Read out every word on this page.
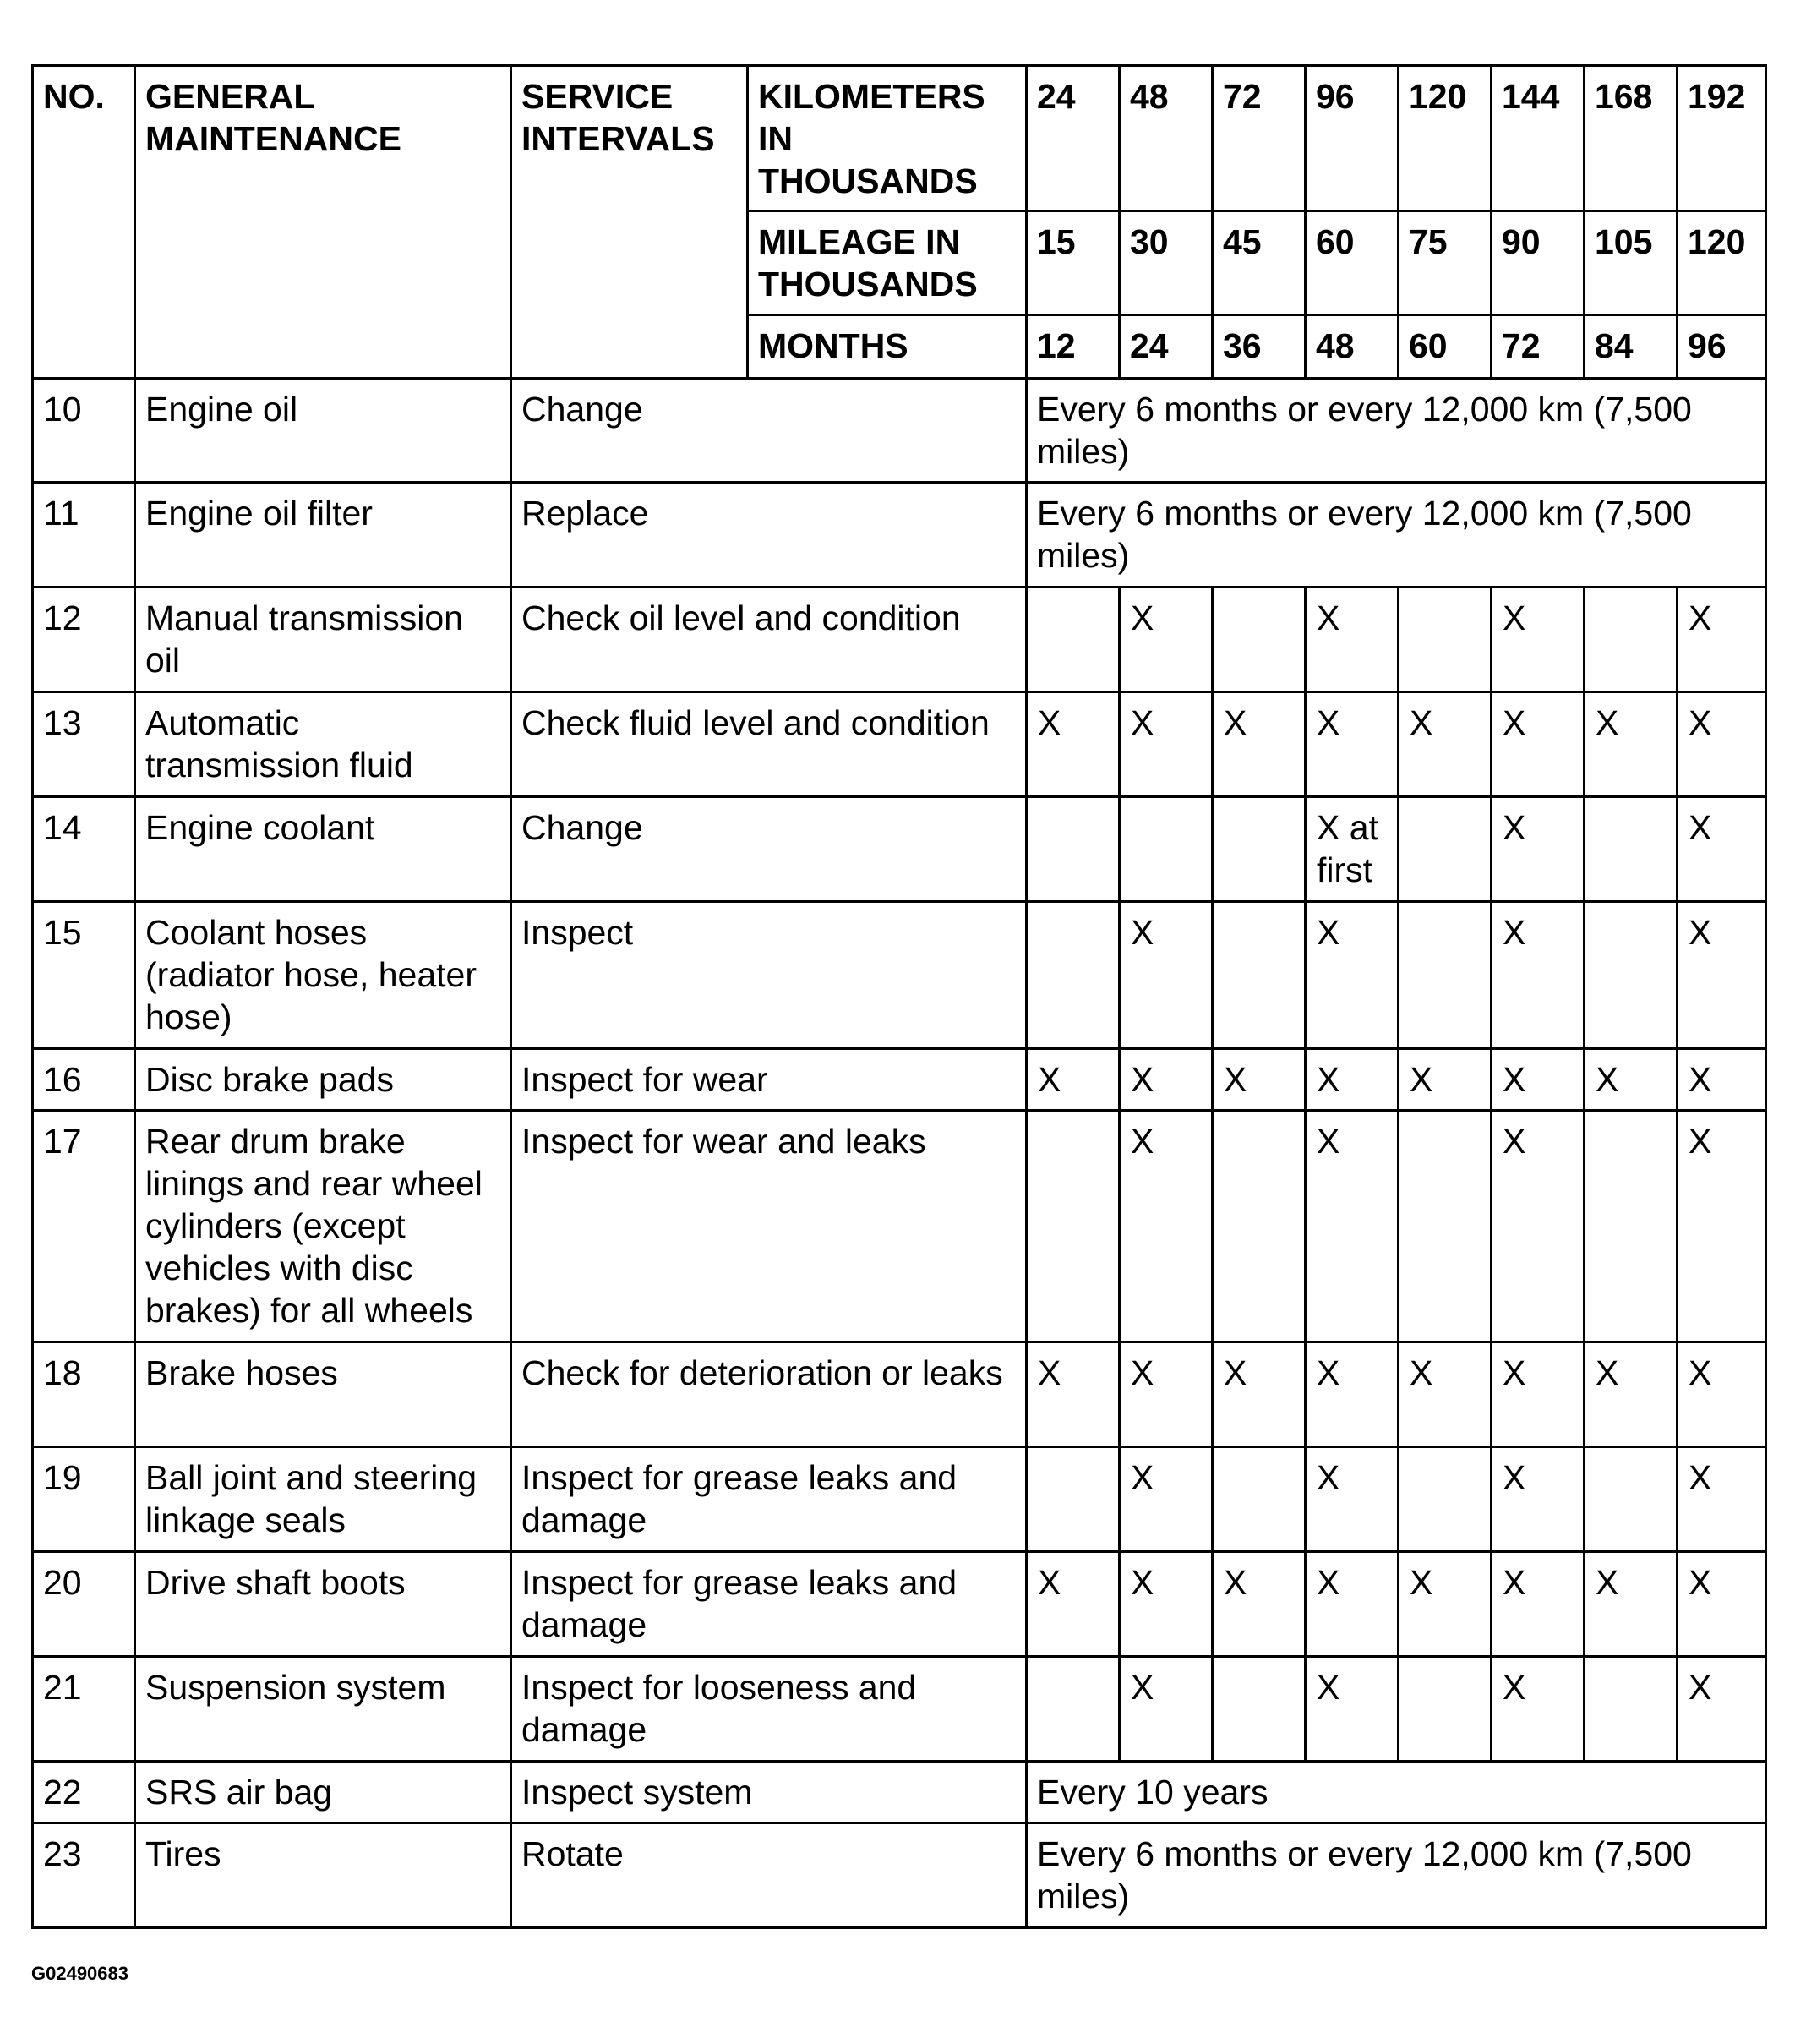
NO.	GENERAL MAINTENANCE	SERVICE INTERVALS	KILOMETERS IN THOUSANDS	24	48	72	96	120	144	168	192
			MILEAGE IN THOUSANDS	15	30	45	60	75	90	105	120
			MONTHS	12	24	36	48	60	72	84	96
10	Engine oil	Change		Every 6 months or every 12,000 km (7,500 miles)							
11	Engine oil filter	Replace		Every 6 months or every 12,000 km (7,500 miles)							
12	Manual transmission oil	Check oil level and condition			X		X		X		X
13	Automatic transmission fluid	Check fluid level and condition		X	X	X	X	X	X	X	X
14	Engine coolant	Change					X at first		X		X
15	Coolant hoses (radiator hose, heater hose)	Inspect			X		X		X		X
16	Disc brake pads	Inspect for wear		X	X	X	X	X	X	X	X
17	Rear drum brake linings and rear wheel cylinders (except vehicles with disc brakes) for all wheels	Inspect for wear and leaks			X		X		X		X
18	Brake hoses	Check for deterioration or leaks		X	X	X	X	X	X	X	X
19	Ball joint and steering linkage seals	Inspect for grease leaks and damage			X		X		X		X
20	Drive shaft boots	Inspect for grease leaks and damage		X	X	X	X	X	X	X	X
21	Suspension system	Inspect for looseness and damage			X		X		X		X
22	SRS air bag	Inspect system		Every 10 years							
23	Tires	Rotate		Every 6 months or every 12,000 km (7,500 miles)							
G02490683
